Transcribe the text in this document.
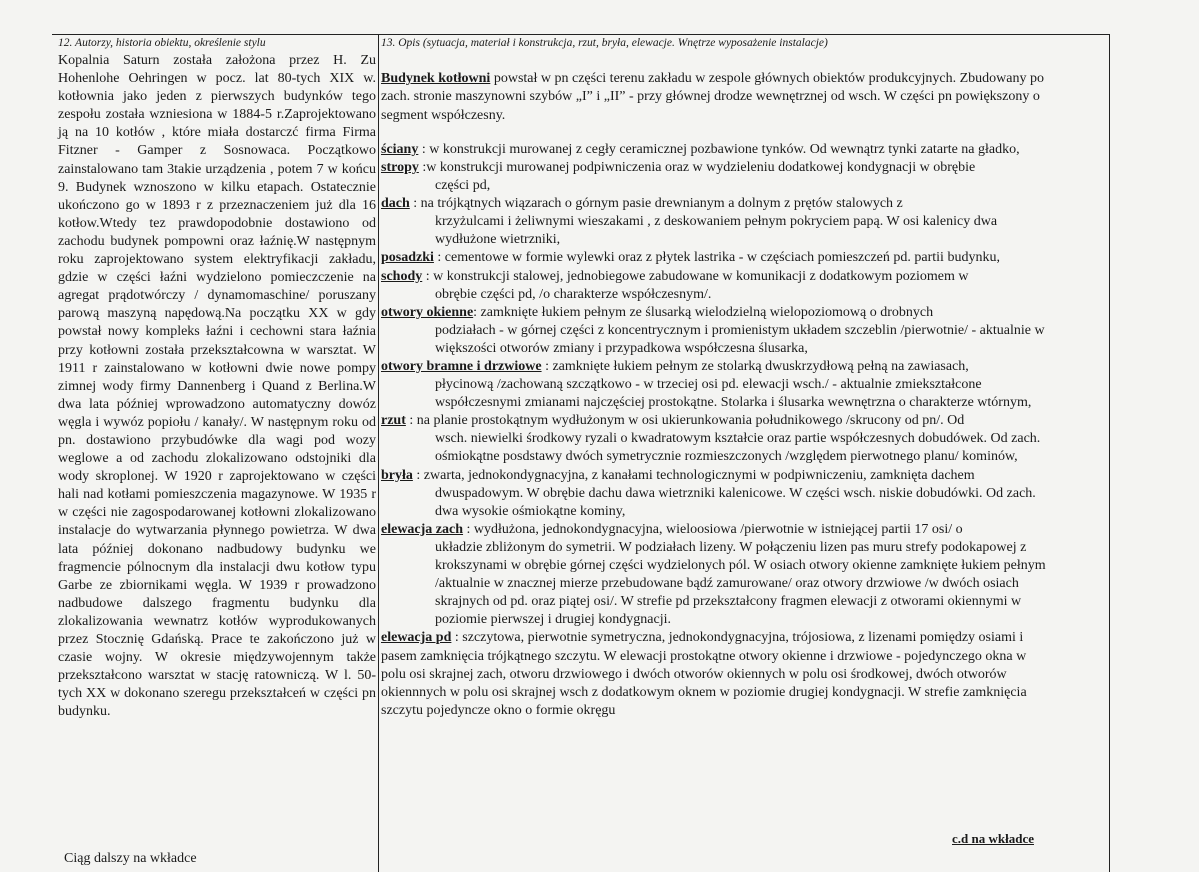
12. Autorzy, historia obiektu, określenie stylu
Kopalnia Saturn została założona przez H. Zu Hohenlohe Oehringen w pocz. lat 80-tych XIX w. kotłownia jako jeden z pierwszych budynków tego zespołu została wzniesiona w 1884-5 r.Zaprojektowano ją na 10 kotłów , które miała dostarczć firma Firma Fitzner - Gamper z Sosnowaca. Początkowo zainstalowano tam 3takie urządzenia , potem 7 w końcu 9. Budynek wznoszono w kilku etapach. Ostatecznie ukończono go w 1893 r z przeznaczeniem już dla 16 kotłow.Wtedy tez prawdopodobnie dostawiono od zachodu budynek pompowni oraz łaźnię.W następnym roku zaprojektowano system elektryfikacji zakładu, gdzie w części łaźni wydzielono pomieczczenie na agregat prądotwórczy / dynamomaschine/ poruszany parową maszyną napędową.Na początku XX w gdy powstał nowy kompleks łaźni i cechowni stara łaźnia przy kotłowni została przekształcowna w warsztat. W 1911 r zainstalowano w kotłowni dwie nowe pompy zimnej wody firmy Dannenberg i Quand z Berlina.W dwa lata później wprowadzono automatyczny dowóz węgla i wywóz popiołu / kanały/. W następnym roku od pn. dostawiono przybudówke dla wagi pod wozy weglowe a od zachodu zlokalizowano odstojniki dla wody skroplonej. W 1920 r zaprojektowano w części hali nad kotłami pomieszczenia magazynowe. W 1935 r w części nie zagospodarowanej kotłowni zlokalizowano instalacje do wytwarzania płynnego powietrza. W dwa lata później dokonano nadbudowy budynku we fragmencie pólnocnym dla instalacji dwu kotłow typu Garbe ze zbiornikami węgla. W 1939 r prowadzono nadbudowe dalszego fragmentu budynku dla zlokalizowania wewnatrz kotłów wyprodukowanych przez Stocznię Gdańską. Prace te zakończono już w czasie wojny. W okresie międzywojennym także przekształcono warsztat w stację ratowniczą. W l. 50-tych XX w dokonano szeregu przekształceń w części pn budynku.
Ciąg dalszy na wkładce
13. Opis (sytuacja, materiał i konstrukcja, rzut, bryła, elewacje. Wnętrze wyposażenie instalacje)
Budynek kotłowni powstał w pn części terenu zakładu w zespole głównych obiektów produkcyjnych. Zbudowany po zach. stronie maszynowni szybów „I” i „II” - przy głównej drodze wewnętrznej od wsch. W części pn powiększony o segment współczesny.
ściany : w konstrukcji murowanej z cegły ceramicznej pozbawione tynków. Od wewnątrz tynki zatarte na gładko,
stropy :w konstrukcji murowanej podpiwniczenia oraz w wydzieleniu dodatkowej kondygnacji w obrębie
części pd,
dach : na trójkątnych wiązarach o górnym pasie drewnianym a dolnym z prętów stalowych z
krzyżulcami i żeliwnymi wieszakami , z deskowaniem pełnym pokryciem papą. W osi kalenicy dwa wydłużone wietrzniki,
posadzki : cementowe w formie wylewki oraz z płytek lastrika - w częściach pomieszczeń pd. partii budynku,
schody : w konstrukcji stalowej, jednobiegowe zabudowane w komunikacji z dodatkowym poziomem w
obrębie części pd, /o charakterze współczesnym/.
otwory okienne: zamknięte łukiem pełnym ze ślusarką wielodzielną wielopoziomową o drobnych
podziałach - w górnej części z koncentrycznym i promienistym układem szczeblin /pierwotnie/ - aktualnie w większości otworów zmiany i przypadkowa współczesna ślusarka,
otwory bramne i drzwiowe : zamknięte łukiem pełnym ze stolarką dwuskrzydłową pełną na zawiasach,
płycinową /zachowaną szczątkowo - w trzeciej osi pd. elewacji wsch./ - aktualnie zmiekształcone współczesnymi zmianami najczęściej prostokątne. Stolarka i ślusarka wewnętrzna o charakterze wtórnym,
rzut : na planie prostokątnym wydłużonym w osi ukierunkowania południkowego /skrucony od pn/. Od
wsch. niewielki środkowy ryzali o kwadratowym kształcie oraz partie współczesnych dobudówek. Od zach. ośmiokątne posdstawy dwóch symetrycznie rozmieszczonych /względem pierwotnego planu/ kominów,
bryła : zwarta, jednokondygnacyjna, z kanałami technologicznymi w podpiwniczeniu, zamknięta dachem
dwuspadowym. W obrębie dachu dawa wietrzniki kalenicowe. W części wsch. niskie dobudówki. Od zach. dwa wysokie ośmiokątne kominy,
elewacja zach : wydłużona, jednokondygnacyjna, wieloosiowa /pierwotnie w istniejącej partii 17 osi/ o
układzie zbliżonym do symetrii. W podziałach lizeny. W połączeniu lizen pas muru strefy podokapowej z krokszynami w obrębie górnej części wydzielonych pól. W osiach otwory okienne zamknięte łukiem pełnym /aktualnie w znacznej mierze przebudowane bądź zamurowane/ oraz otwory drzwiowe /w dwóch osiach skrajnych od pd. oraz piątej osi/. W strefie pd przekształcony fragmen elewacji z otworami okiennymi w poziomie pierwszej i drugiej kondygnacji.
elewacja pd : szczytowa, pierwotnie symetryczna, jednokondygnacyjna, trójosiowa, z lizenami pomiędzy osiami i pasem zamknięcia trójkątnego szczytu. W elewacji prostokątne otwory okienne i drzwiowe - pojedynczego okna w polu osi skrajnej zach, otworu drzwiowego i dwóch otworów okiennych w polu osi środkowej, dwóch otworów okiennnych w polu osi skrajnej wsch z dodatkowym oknem w poziomie drugiej kondygnacji. W strefie zamknięcia szczytu pojedyncze okno o formie okręgu
c.d na wkładce
